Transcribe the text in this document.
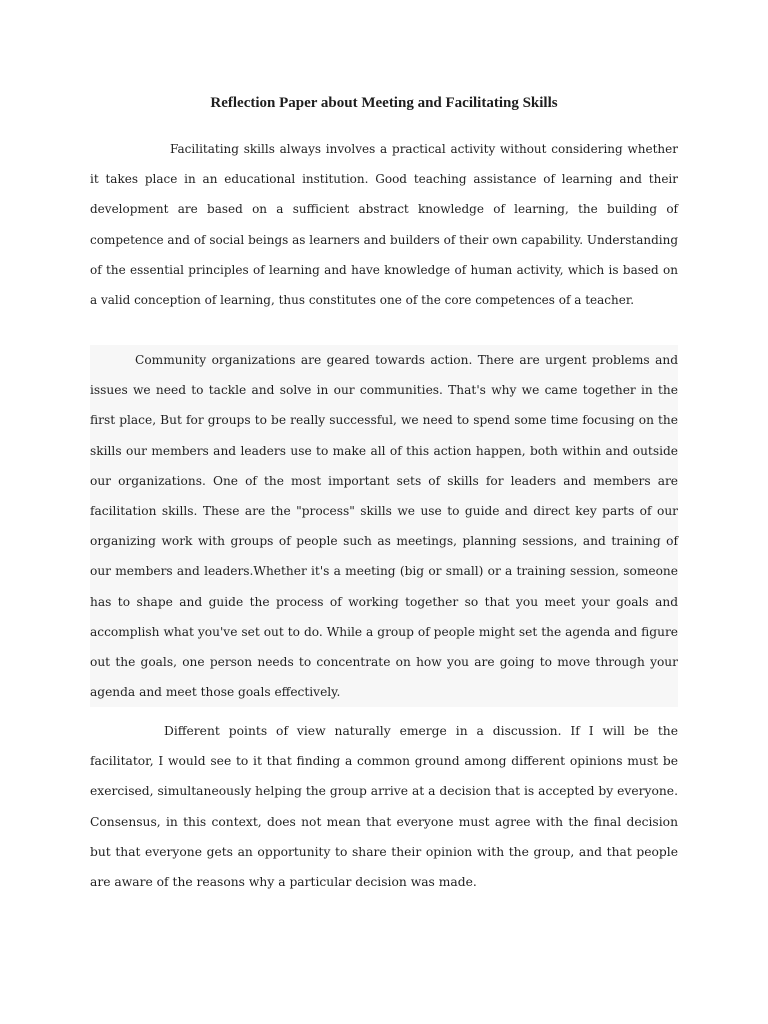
Reflection Paper about Meeting and Facilitating Skills

Facilitating skills always involves a practical activity without considering whether it takes place in an educational institution. Good teaching assistance of learning and their development are based on a sufficient abstract knowledge of learning, the building of competence and of social beings as learners and builders of their own capability. Understanding of the essential principles of learning and have knowledge of human activity, which is based on a valid conception of learning, thus constitutes one of the core competences of a teacher.

Community organizations are geared towards action. There are urgent problems and issues we need to tackle and solve in our communities. That's why we came together in the first place, But for groups to be really successful, we need to spend some time focusing on the skills our members and leaders use to make all of this action happen, both within and outside our organizations. One of the most important sets of skills for leaders and members are facilitation skills. These are the "process" skills we use to guide and direct key parts of our organizing work with groups of people such as meetings, planning sessions, and training of our members and leaders.Whether it's a meeting (big or small) or a training session, someone has to shape and guide the process of working together so that you meet your goals and accomplish what you've set out to do. While a group of people might set the agenda and figure out the goals, one person needs to concentrate on how you are going to move through your agenda and meet those goals effectively.

Different points of view naturally emerge in a discussion. If I will be the facilitator, I would see to it that finding a common ground among different opinions must be exercised, simultaneously helping the group arrive at a decision that is accepted by everyone. Consensus, in this context, does not mean that everyone must agree with the final decision but that everyone gets an opportunity to share their opinion with the group, and that people are aware of the reasons why a particular decision was made.
